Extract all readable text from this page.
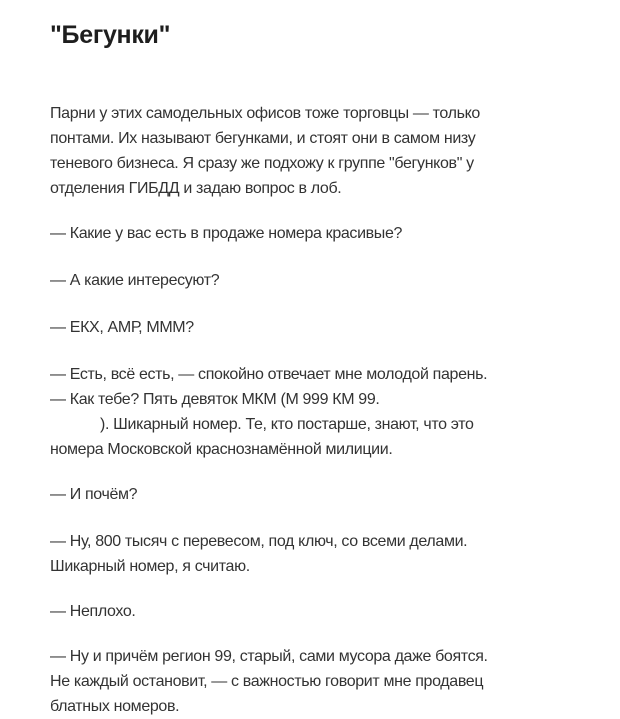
"Бегунки"

Парни у этих самодельных офисов тоже торговцы — только
понтами. Их называют бегунками, и стоят они в самом низу
теневого бизнеса. Я сразу же подхожу к группе "бегунков" у
отделения ГИБДД и задаю вопрос в лоб.

— Какие у вас есть в продаже номера красивые?

— А какие интересуют?

— ЕКХ, АМР, МММ?

— Есть, всё есть, — спокойно отвечает мне молодой парень.

— Как тебе? Пять девяток МКМ (М 999 КМ 99.
). Шикарный номер. Те, кто постарше, знают, что это
номера Московской краснознамённой милиции.

— И почём?

— Ну, 800 тысяч с перевесом, под ключ, со всеми делами.
Шикарный номер, я считаю.

— Неплохо.

— Ну и причём регион 99, старый, сами мусора даже боятся.
Не каждый остановит, — с важностью говорит мне продавец
блатных номеров.
